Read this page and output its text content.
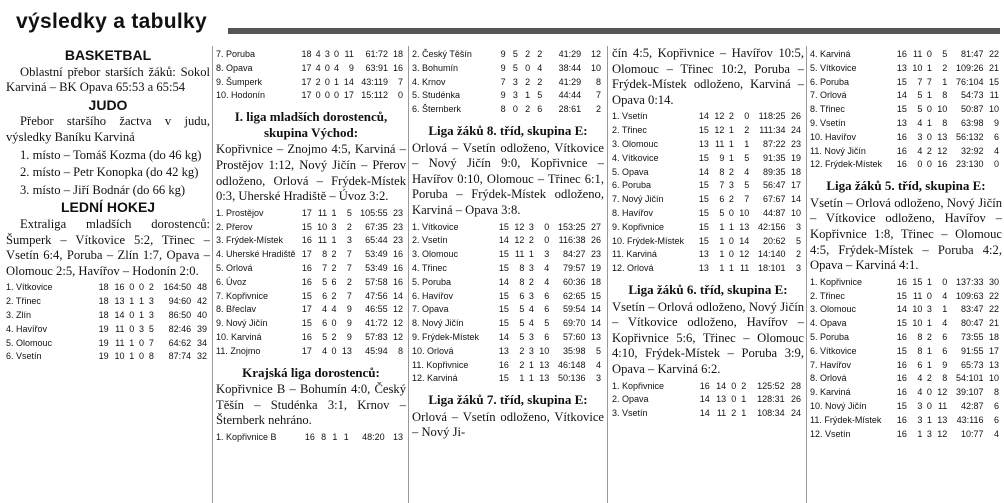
výsledky a tabulky
BASKETBAL

Oblastní přebor starších žáků: Sokol Karviná – BK Opava 65:53 a 65:54

JUDO

Přebor staršího žactva v judu, výsledky Baníku Karviná

1. místo – Tomáš Kozma (do 46 kg)

2. místo – Petr Konopka (do 42 kg)

3. místo – Jiří Bodnár (do 66 kg)

LEDNÍ HOKEJ

Extraliga mladších dorostenců: Šumperk – Vítkovice 5:2, Třinec – Vsetín 6:4, Poruba – Zlín 1:7, Opava – Olomouc 2:5, Havířov – Hodonín 2:0.

1. Vítkovice	18	16	0	0	2	164:50	48
2. Třinec	18	13	1	1	3	94:60	42
3. Zlín	18	14	0	1	3	86:50	40
4. Havířov	19	11	0	3	5	82:46	39
5. Olomouc	19	11	1	0	7	64:62	34
6. Vsetín	19	10	1	0	8	87:74	32
7. Poruba	18	4	3	0	11	61:72	18
8. Opava	17	4	0	4	9	63:91	16
9. Šumperk	17	2	0	1	14	43:119	7
10. Hodonín	17	0	0	0	17	15:112	0
I. liga mladších dorostenců, skupina Východ:

Kopřivnice – Znojmo 4:5, Karviná – Prostějov 1:12, Nový Jičín – Přerov odloženo, Orlová – Frýdek-Místek 0:3, Uherské Hradiště – Úvoz 3:2.

1. Prostějov	17	11	1	5	105:55	23
2. Přerov	15	10	3	2	67:35	23
3. Frýdek-Místek	16	11	1	3	65:44	23
4. Uherské Hradiště	17	8	2	7	53:49	16
5. Orlová	16	7	2	7	53:49	16
6. Úvoz	16	5	6	2	57:58	16
7. Kopřivnice	15	6	2	7	47:56	14
8. Břeclav	17	4	4	9	46:55	12
9. Nový Jičín	15	6	0	9	41:72	12
10. Karviná	16	5	2	9	57:83	12
11. Znojmo	17	4	0	13	45:94	8
Krajská liga dorostenců:

Kopřivnice B – Bohumín 4:0, Český Těšín – Studénka 3:1, Krnov – Šternberk nehráno.

1. Kopřivnice B	16	8	1	1	48:20	13
2. Český Těšín	9	5	2	2	41:29	12
3. Bohumín	9	5	0	4	38:44	10
4. Krnov	7	3	2	2	41:29	8
5. Studénka	9	3	1	5	44:44	7
6. Šternberk	8	0	2	6	28:61	2
Liga žáků 8. tříd, skupina E:

Orlová – Vsetín odloženo, Vítkovice – Nový Jičín 9:0, Kopřivnice – Havířov 0:10, Olomouc – Třinec 6:1, Poruba – Frýdek-Místek odloženo, Karviná – Opava 3:8.

1. Vítkovice	15	12	3	0	153:25	27
2. Vsetín	14	12	2	0	116:38	26
3. Olomouc	15	11	1	3	84:27	23
4. Třinec	15	8	3	4	79:57	19
5. Poruba	14	8	2	4	60:36	18
6. Havířov	15	6	3	6	62:65	15
7. Opava	15	5	4	6	59:54	14
8. Nový Jičín	15	5	4	5	69:70	14
9. Frýdek-Místek	14	5	3	6	57:60	13
10. Orlová	13	2	3	10	35:98	5
11. Kopřivnice	16	2	1	13	46:148	4
12. Karviná	15	1	1	13	50:136	3
Liga žáků 7. tříd, skupina E:

Orlová – Vsetín odloženo, Vítkovice – Nový Ji-

čín 4:5, Kopřivnice – Havířov 10:5, Olomouc – Třinec 10:2, Poruba – Frýdek-Místek odloženo, Karviná – Opava 0:14.

1. Vsetín	14	12	2	0	118:25	26
2. Třinec	15	12	1	2	111:34	24
3. Olomouc	13	11	1	1	87:22	23
4. Vítkovice	15	9	1	5	91:35	19
5. Opava	14	8	2	4	89:35	18
6. Poruba	15	7	3	5	56:47	17
7. Nový Jičín	15	6	2	7	67:67	14
8. Havířov	15	5	0	10	44:87	10
9. Kopřivnice	15	1	1	13	42:156	3
10. Frýdek-Místek	15	1	0	14	20:62	5
11. Karviná	13	1	0	12	14:140	2
12. Orlová	13	1	1	11	18:101	3
Liga žáků 6. tříd, skupina E:

Vsetín – Orlová odloženo, Nový Jičín – Vítkovice odloženo, Havířov – Kopřivnice 5:6, Třinec – Olomouc 4:10, Frýdek-Místek – Poruba 3:9, Opava – Karviná 6:2.

1. Kopřivnice	16	14	0	2	125:52	28
2. Opava	14	13	0	1	128:31	26
3. Vsetín	14	11	2	1	108:34	24
4. Karviná	16	11	0	5	81:47	22
5. Vítkovice	13	10	1	2	109:26	21
6. Poruba	15	7	7	1	76:104	15
7. Orlová	14	5	1	8	54:73	11
8. Třinec	15	5	0	10	50:87	10
9. Vsetín	13	4	1	8	63:98	9
10. Havířov	16	3	0	13	56:132	6
11. Nový Jičín	16	4	2	12	32:92	4
12. Frýdek-Místek	16	0	0	16	23:130	0
Liga žáků 5. tříd, skupina E:

Vsetín – Orlová odloženo, Nový Jičín – Vítkovice odloženo, Havířov – Kopřivnice 1:8, Třinec – Olomouc 4:5, Frýdek-Místek – Poruba 4:2, Opava – Karviná 4:1.

1. Kopřivnice	16	15	1	0	137:33	30
2. Třinec	15	11	0	4	109:63	22
3. Olomouc	14	10	3	1	83:47	22
4. Opava	15	10	1	4	80:47	21
5. Poruba	16	8	2	6	73:55	18
6. Vítkovice	15	8	1	6	91:55	17
7. Havířov	16	6	1	9	65:73	13
8. Orlová	16	4	2	8	54:101	10
9. Karviná	16	4	0	12	39:107	8
10. Nový Jičín	15	3	0	11	42:87	6
11. Frýdek-Místek	16	3	1	13	43:116	6
12. Vsetín	16	1	3	12	10:77	4
